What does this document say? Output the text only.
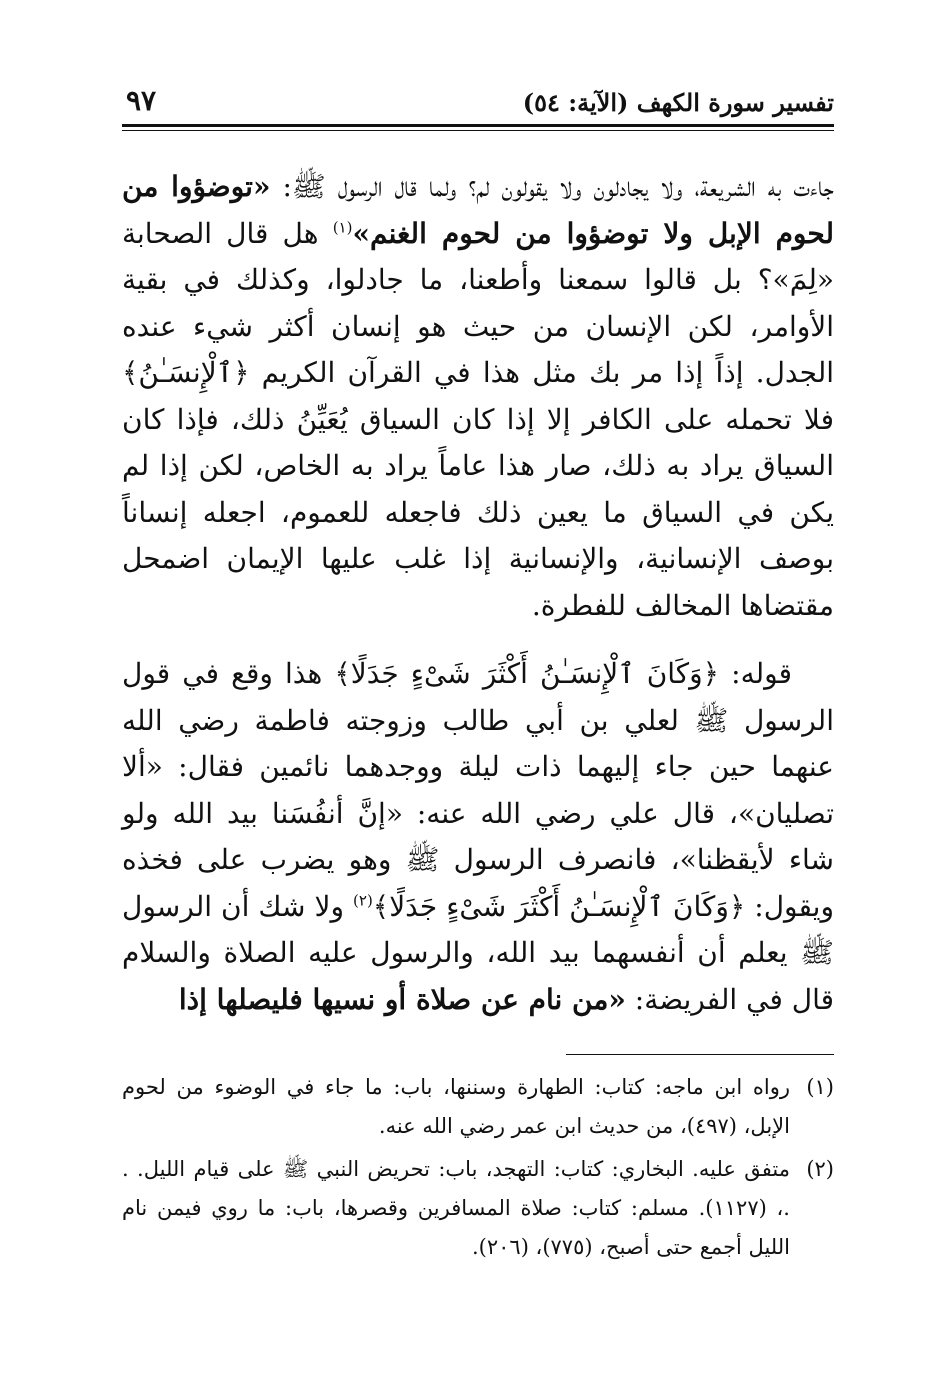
تفسير سورة الكهف (الآية: ٥٤)
٩٧

جاءت به الشريعة، ولا يجادلون ولا يقولون لم؟ ولما قال الرسول ﷺ: «توضؤوا من لحوم الإبل ولا توضؤوا من لحوم الغنم»$^{(١)}$ هل قال الصحابة «لِمَ»؟ بل قالوا سمعنا وأطعنا، ما جادلوا، وكذلك في بقية الأوامر، لكن الإنسان من حيث هو إنسان أكثر شيء عنده الجدل. إذاً إذا مر بك مثل هذا في القرآن الكريم ﴿ٱلْإِنسَـٰنُ﴾ فلا تحمله على الكافر إلا إذا كان السياق يُعَيِّنُ ذلك، فإذا كان السياق يراد به ذلك، صار هذا عاماً يراد به الخاص، لكن إذا لم يكن في السياق ما يعين ذلك فاجعله للعموم، اجعله إنساناً بوصف الإنسانية، والإنسانية إذا غلب عليها الإيمان اضمحل مقتضاها المخالف للفطرة.

قوله: ﴿وَكَانَ ٱلْإِنسَـٰنُ أَكْثَرَ شَىْءٍ جَدَلًا﴾ هذا وقع في قول الرسول ﷺ لعلي بن أبي طالب وزوجته فاطمة رضي الله عنهما حين جاء إليهما ذات ليلة ووجدهما نائمين فقال: «ألا تصليان»، قال علي رضي الله عنه: «إنَّ أنفُسَنا بيد الله ولو شاء لأيقظنا»، فانصرف الرسول ﷺ وهو يضرب على فخذه ويقول: ﴿وَكَانَ ٱلْإِنسَـٰنُ أَكْثَرَ شَىْءٍ جَدَلًا﴾$^{(٢)}$ ولا شك أن الرسول ﷺ يعلم أن أنفسهما بيد الله، والرسول عليه الصلاة والسلام قال في الفريضة: «من نام عن صلاة أو نسيها فليصلها إذا

(١)
رواه ابن ماجه: كتاب: الطهارة وسننها، باب: ما جاء في الوضوء من لحوم الإبل، (٤٩٧)، من حديث ابن عمر رضي الله عنه.
(٢)
متفق عليه. البخاري: كتاب: التهجد، باب: تحريض النبي ﷺ على قيام الليل. . .، (١١٢٧). مسلم: كتاب: صلاة المسافرين وقصرها، باب: ما روي فيمن نام الليل أجمع حتى أصبح، (٧٧٥)، (٢٠٦).
